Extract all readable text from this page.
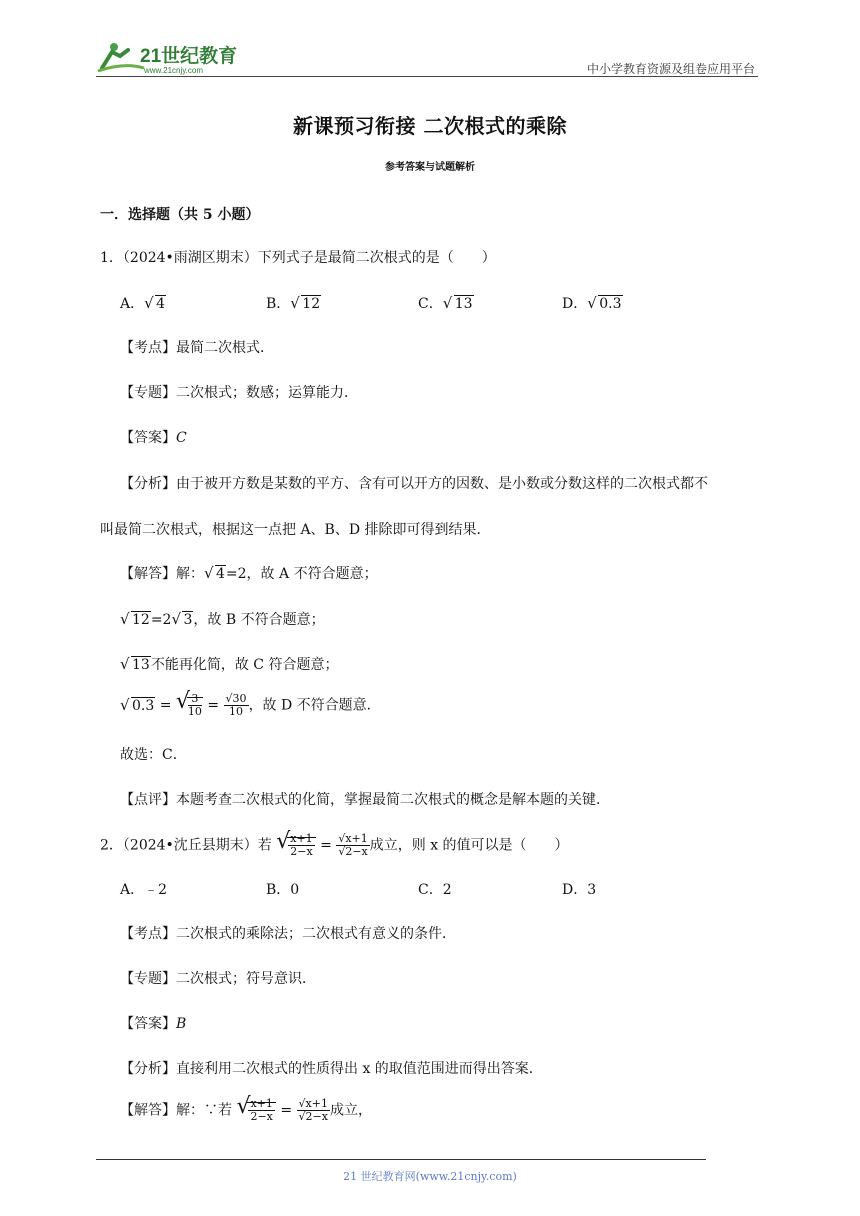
21世纪教育
www.21cnjy.com	中小学教育资源及组卷应用平台
新课预习衔接 二次根式的乘除
参考答案与试题解析
一．选择题（共 5 小题）
1．（2024•雨湖区期末）下列式子是最简二次根式的是（　　）
A． √ 4	B． √ 12	C． √ 13	D． √ 0.3
【考点】最简二次根式．
【专题】二次根式；数感；运算能力．
【答案】C
【分析】由于被开方数是某数的平方、含有可以开方的因数、是小数或分数这样的二次根式都不
叫最简二次根式，根据这一点把 A、B、D 排除即可得到结果．
【解答】解： √ 4=2，故 A 不符合题意；
√ 12=2 √ 3，故 B 不符合题意；
√ 13不能再化简，故 C 符合题意；
√ 0.3 = √
$\frac{3}{10} = \frac{√30}{10}$ ，故 D 不符合题意．
故选：C．
【点评】本题考查二次根式的化简，掌握最简二次根式的概念是解本题的关键．
2．（2024•沈丘县期末）若 √
$\frac{x+1}{2-x} = \frac{√x+1}{√2-x}$ 成立，则 x 的值可以是（　　）
A．﹣2	B．0	C．2	D．3
【考点】二次根式的乘除法；二次根式有意义的条件．
【专题】二次根式；符号意识．
【答案】B
【分析】直接利用二次根式的性质得出 x 的取值范围进而得出答案．
【解答】解：∵若 √
$\frac{x+1}{2-x} = \frac{√x+1}{√2-x}$ 成立，
21 世纪教育网(www.21cnjy.com)
